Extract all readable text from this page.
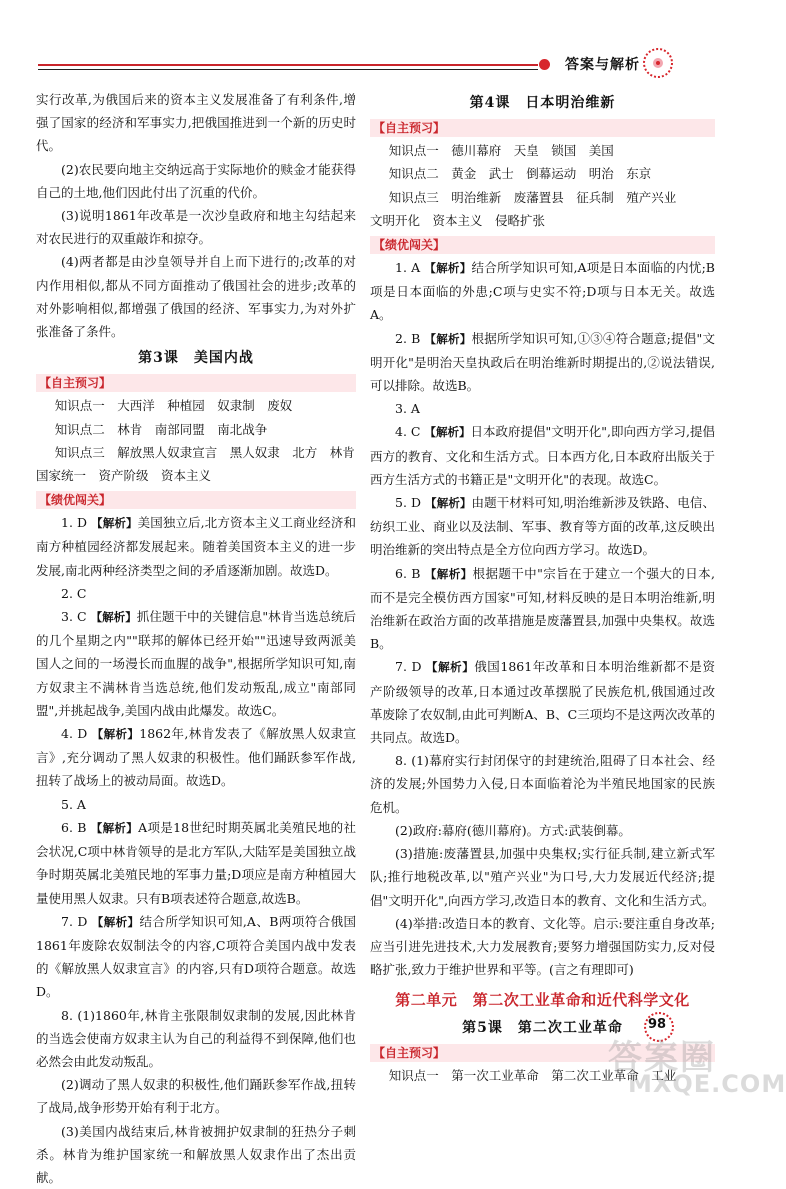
答案与解析

实行改革,为俄国后来的资本主义发展准备了有利条件,增强了国家的经济和军事实力,把俄国推进到一个新的历史时代。

(2)农民要向地主交纳远高于实际地价的赎金才能获得自己的土地,他们因此付出了沉重的代价。

(3)说明1861年改革是一次沙皇政府和地主勾结起来对农民进行的双重敲诈和掠夺。

(4)两者都是由沙皇领导并自上而下进行的;改革的对内作用相似,都从不同方面推动了俄国社会的进步;改革的对外影响相似,都增强了俄国的经济、军事实力,为对外扩张准备了条件。

第3课　美国内战
【自主预习】

知识点一　大西洋　种植园　奴隶制　废奴

知识点二　林肯　南部同盟　南北战争

知识点三　解放黑人奴隶宣言　黑人奴隶　北方　林肯

国家统一　资产阶级　资本主义

【绩优闯关】

1. D 【解析】美国独立后,北方资本主义工商业经济和南方种植园经济都发展起来。随着美国资本主义的进一步发展,南北两种经济类型之间的矛盾逐渐加剧。故选D。

2. C

3. C 【解析】抓住题干中的关键信息"林肯当选总统后的几个星期之内""联邦的解体已经开始""迅速导致两派美国人之间的一场漫长而血腥的战争",根据所学知识可知,南方奴隶主不满林肯当选总统,他们发动叛乱,成立"南部同盟",并挑起战争,美国内战由此爆发。故选C。

4. D 【解析】1862年,林肯发表了《解放黑人奴隶宣言》,充分调动了黑人奴隶的积极性。他们踊跃参军作战,扭转了战场上的被动局面。故选D。

5. A

6. B 【解析】A项是18世纪时期英属北美殖民地的社会状况,C项中林肯领导的是北方军队,大陆军是美国独立战争时期英属北美殖民地的军事力量;D项应是南方种植园大量使用黑人奴隶。只有B项表述符合题意,故选B。

7. D 【解析】结合所学知识可知,A、B两项符合俄国1861年废除农奴制法令的内容,C项符合美国内战中发表的《解放黑人奴隶宣言》的内容,只有D项符合题意。故选D。

8. (1)1860年,林肯主张限制奴隶制的发展,因此林肯的当选会使南方奴隶主认为自己的利益得不到保障,他们也必然会由此发动叛乱。

(2)调动了黑人奴隶的积极性,他们踊跃参军作战,扭转了战局,战争形势开始有利于北方。

(3)美国内战结束后,林肯被拥护奴隶制的狂热分子刺杀。林肯为维护国家统一和解放黑人奴隶作出了杰出贡献。

第4课　日本明治维新
【自主预习】

知识点一　德川幕府　天皇　锁国　美国

知识点二　黄金　武士　倒幕运动　明治　东京

知识点三　明治维新　废藩置县　征兵制　殖产兴业

文明开化　资本主义　侵略扩张

【绩优闯关】

1. A 【解析】结合所学知识可知,A项是日本面临的内忧;B项是日本面临的外患;C项与史实不符;D项与日本无关。故选A。

2. B 【解析】根据所学知识可知,①③④符合题意;提倡"文明开化"是明治天皇执政后在明治维新时期提出的,②说法错误,可以排除。故选B。

3. A

4. C 【解析】日本政府提倡"文明开化",即向西方学习,提倡西方的教育、文化和生活方式。日本西方化,日本政府出版关于西方生活方式的书籍正是"文明开化"的表现。故选C。

5. D 【解析】由题干材料可知,明治维新涉及铁路、电信、纺织工业、商业以及法制、军事、教育等方面的改革,这反映出明治维新的突出特点是全方位向西方学习。故选D。

6. B 【解析】根据题干中"宗旨在于建立一个强大的日本,而不是完全模仿西方国家"可知,材料反映的是日本明治维新,明治维新在政治方面的改革措施是废藩置县,加强中央集权。故选B。

7. D 【解析】俄国1861年改革和日本明治维新都不是资产阶级领导的改革,日本通过改革摆脱了民族危机,俄国通过改革废除了农奴制,由此可判断A、B、C三项均不是这两次改革的共同点。故选D。

8. (1)幕府实行封闭保守的封建统治,阻碍了日本社会、经济的发展;外国势力入侵,日本面临着沦为半殖民地国家的民族危机。

(2)政府:幕府(德川幕府)。方式:武装倒幕。

(3)措施:废藩置县,加强中央集权;实行征兵制,建立新式军队;推行地税改革,以"殖产兴业"为口号,大力发展近代经济;提倡"文明开化",向西方学习,改造日本的教育、文化和生活方式。

(4)举措:改造日本的教育、文化等。启示:要注重自身改革;应当引进先进技术,大力发展教育;要努力增强国防实力,反对侵略扩张,致力于维护世界和平等。(言之有理即可)

第二单元　第二次工业革命和近代科学文化
第5课　第二次工业革命
【自主预习】

知识点一　第一次工业革命　第二次工业革命　工业

98
答案圈
MXQE.COM
